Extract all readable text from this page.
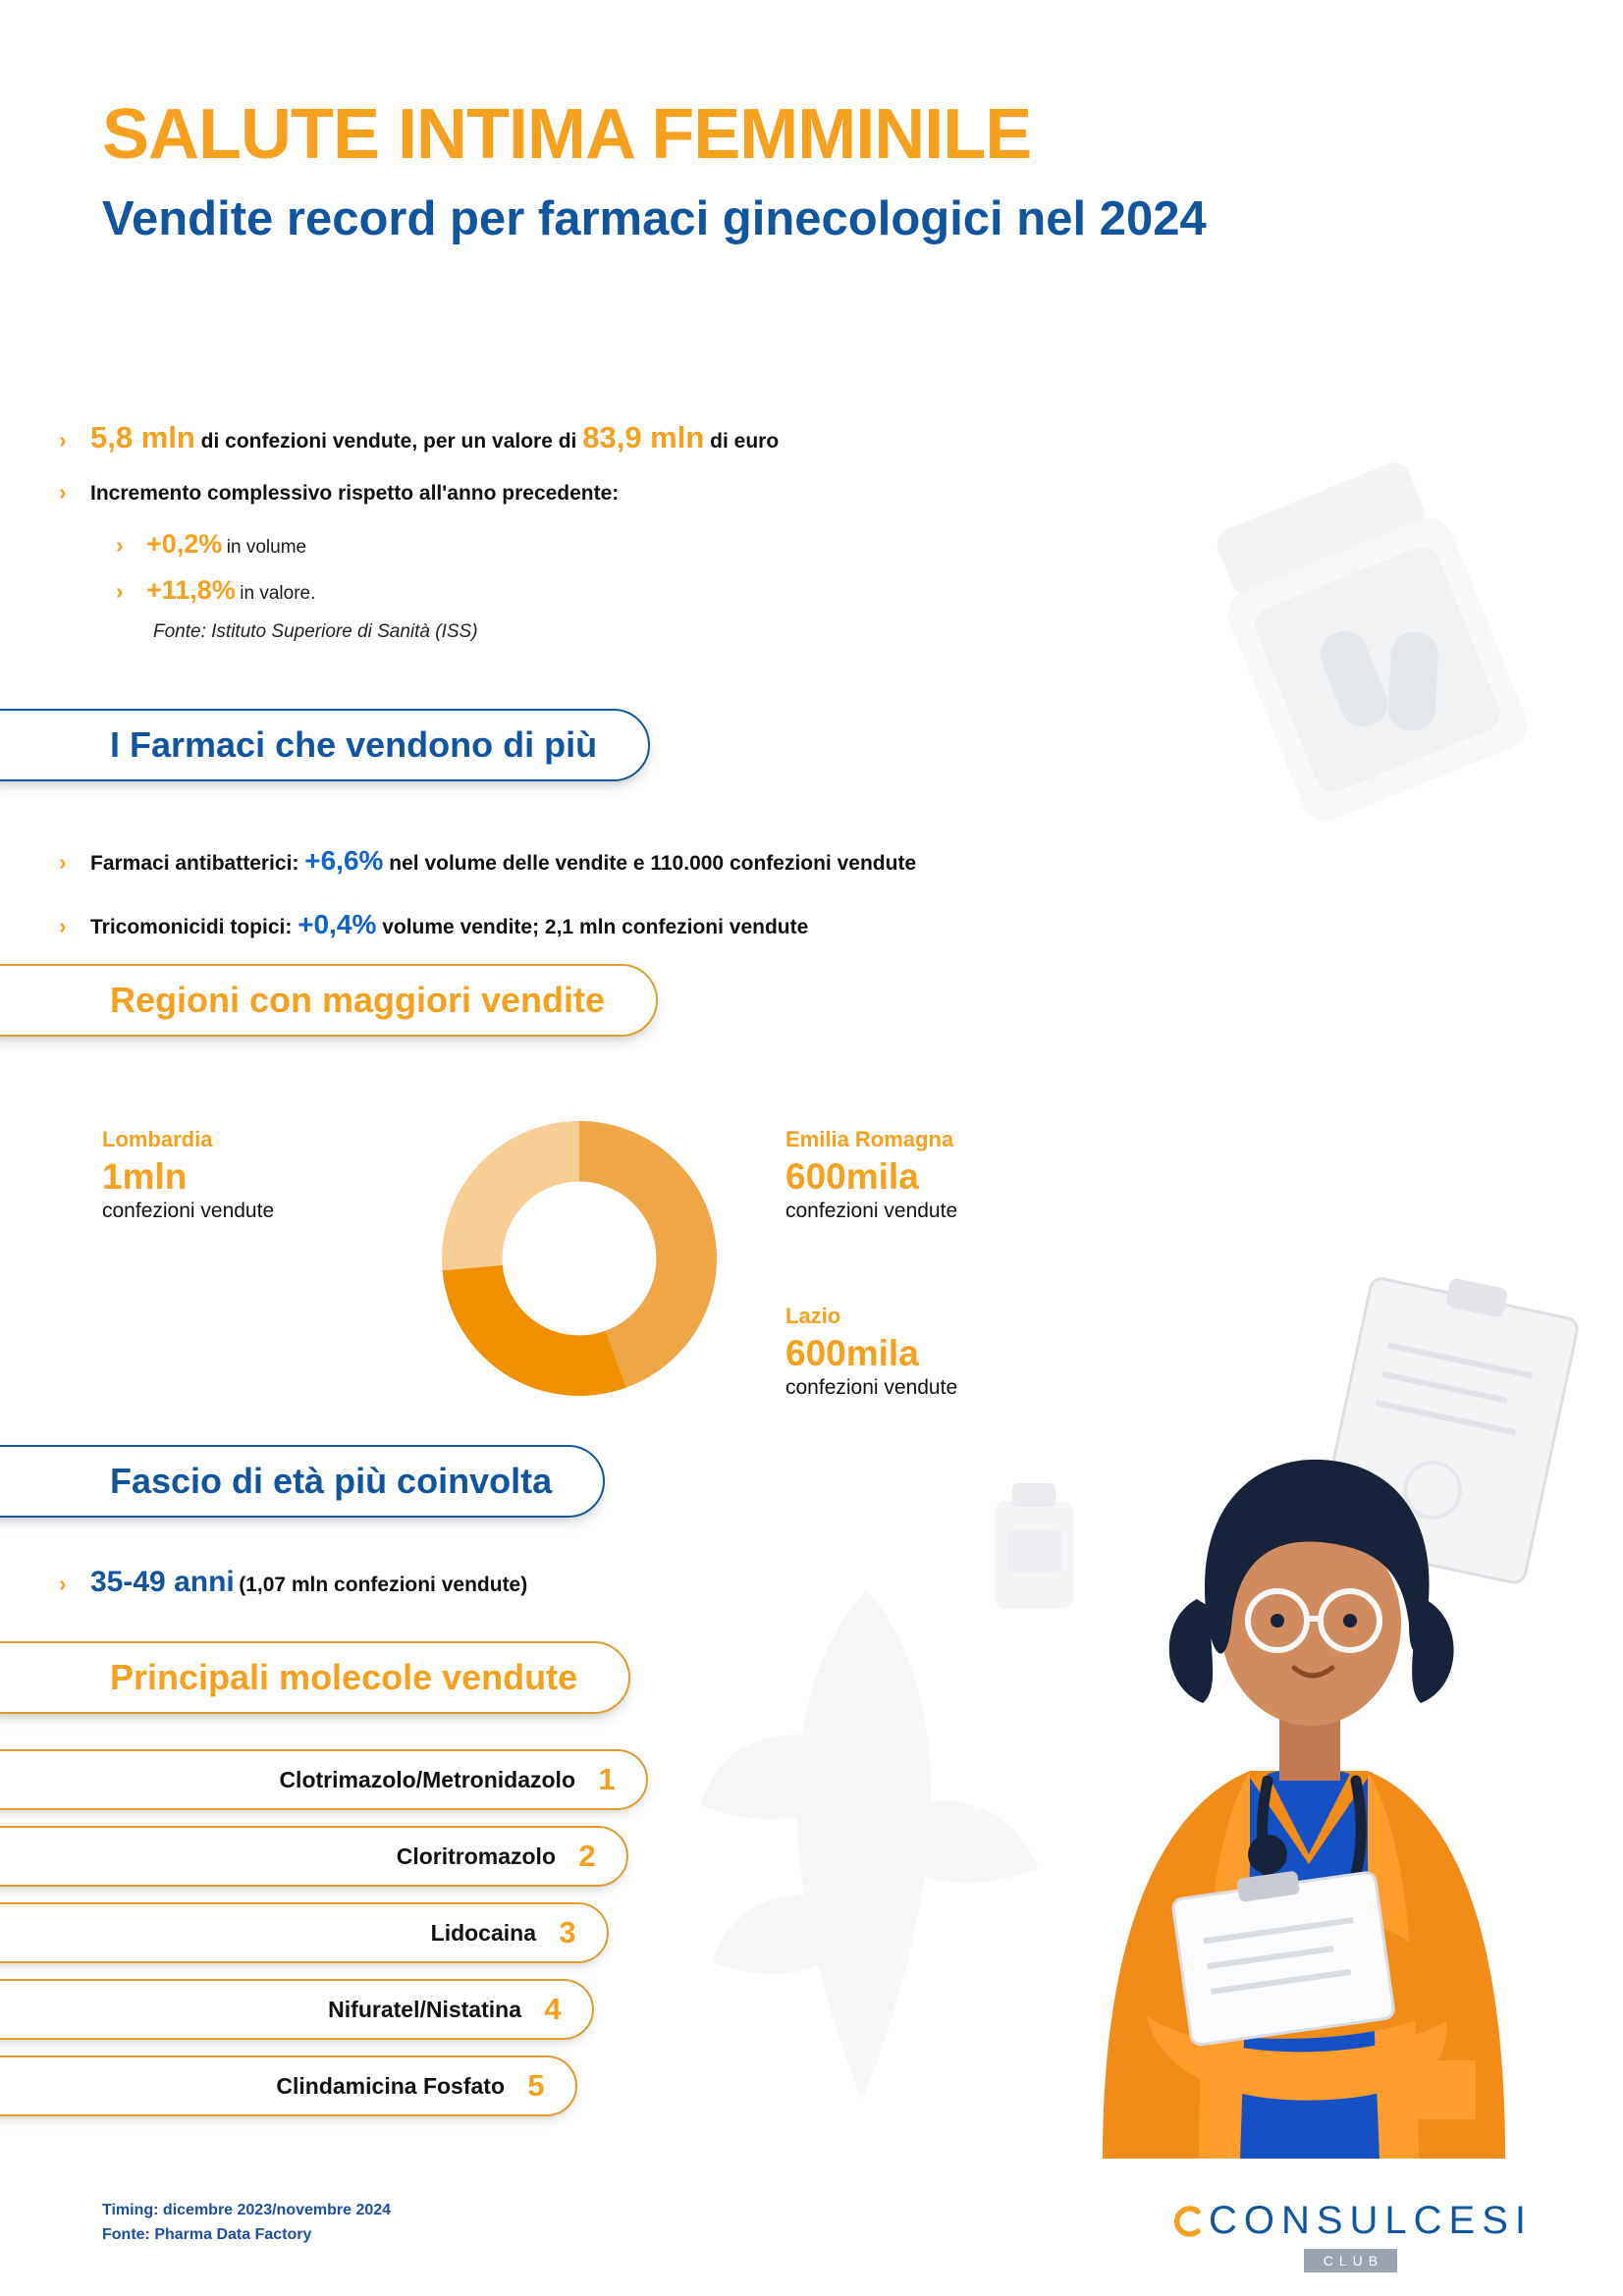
SALUTE INTIMA FEMMINILE
Vendite record per farmaci ginecologici nel 2024
› 5,8 mln di confezioni vendute, per un valore di 83,9 mln di euro
›	Incremento complessivo rispetto all'anno precedente:
› +0,2% in volume
› +11,8% in valore.
Fonte: Istituto Superiore di Sanità (ISS)
I Farmaci che vendono di più
›	Farmaci antibatterici: +6,6% nel volume delle vendite e 110.000 confezioni vendute
›	Tricomonicidi topici: +0,4% volume vendite; 2,1 mln confezioni vendute
Regioni con maggiori vendite
Lombardia
1mln
confezioni vendute
Emilia Romagna
600mila
confezioni vendute
Lazio
600mila
confezioni vendute
Fascio di età più coinvolta
› 35-49 anni (1,07 mln confezioni vendute)
Principali molecole vendute
Clotrimazolo/Metronidazolo 1
Cloritromazolo 2
Lidocaina 3
Nifuratel/Nistatina 4
Clindamicina Fosfato 5
Timing: dicembre 2023/novembre 2024
Fonte: Pharma Data Factory	CONSULCESI
CLUB
